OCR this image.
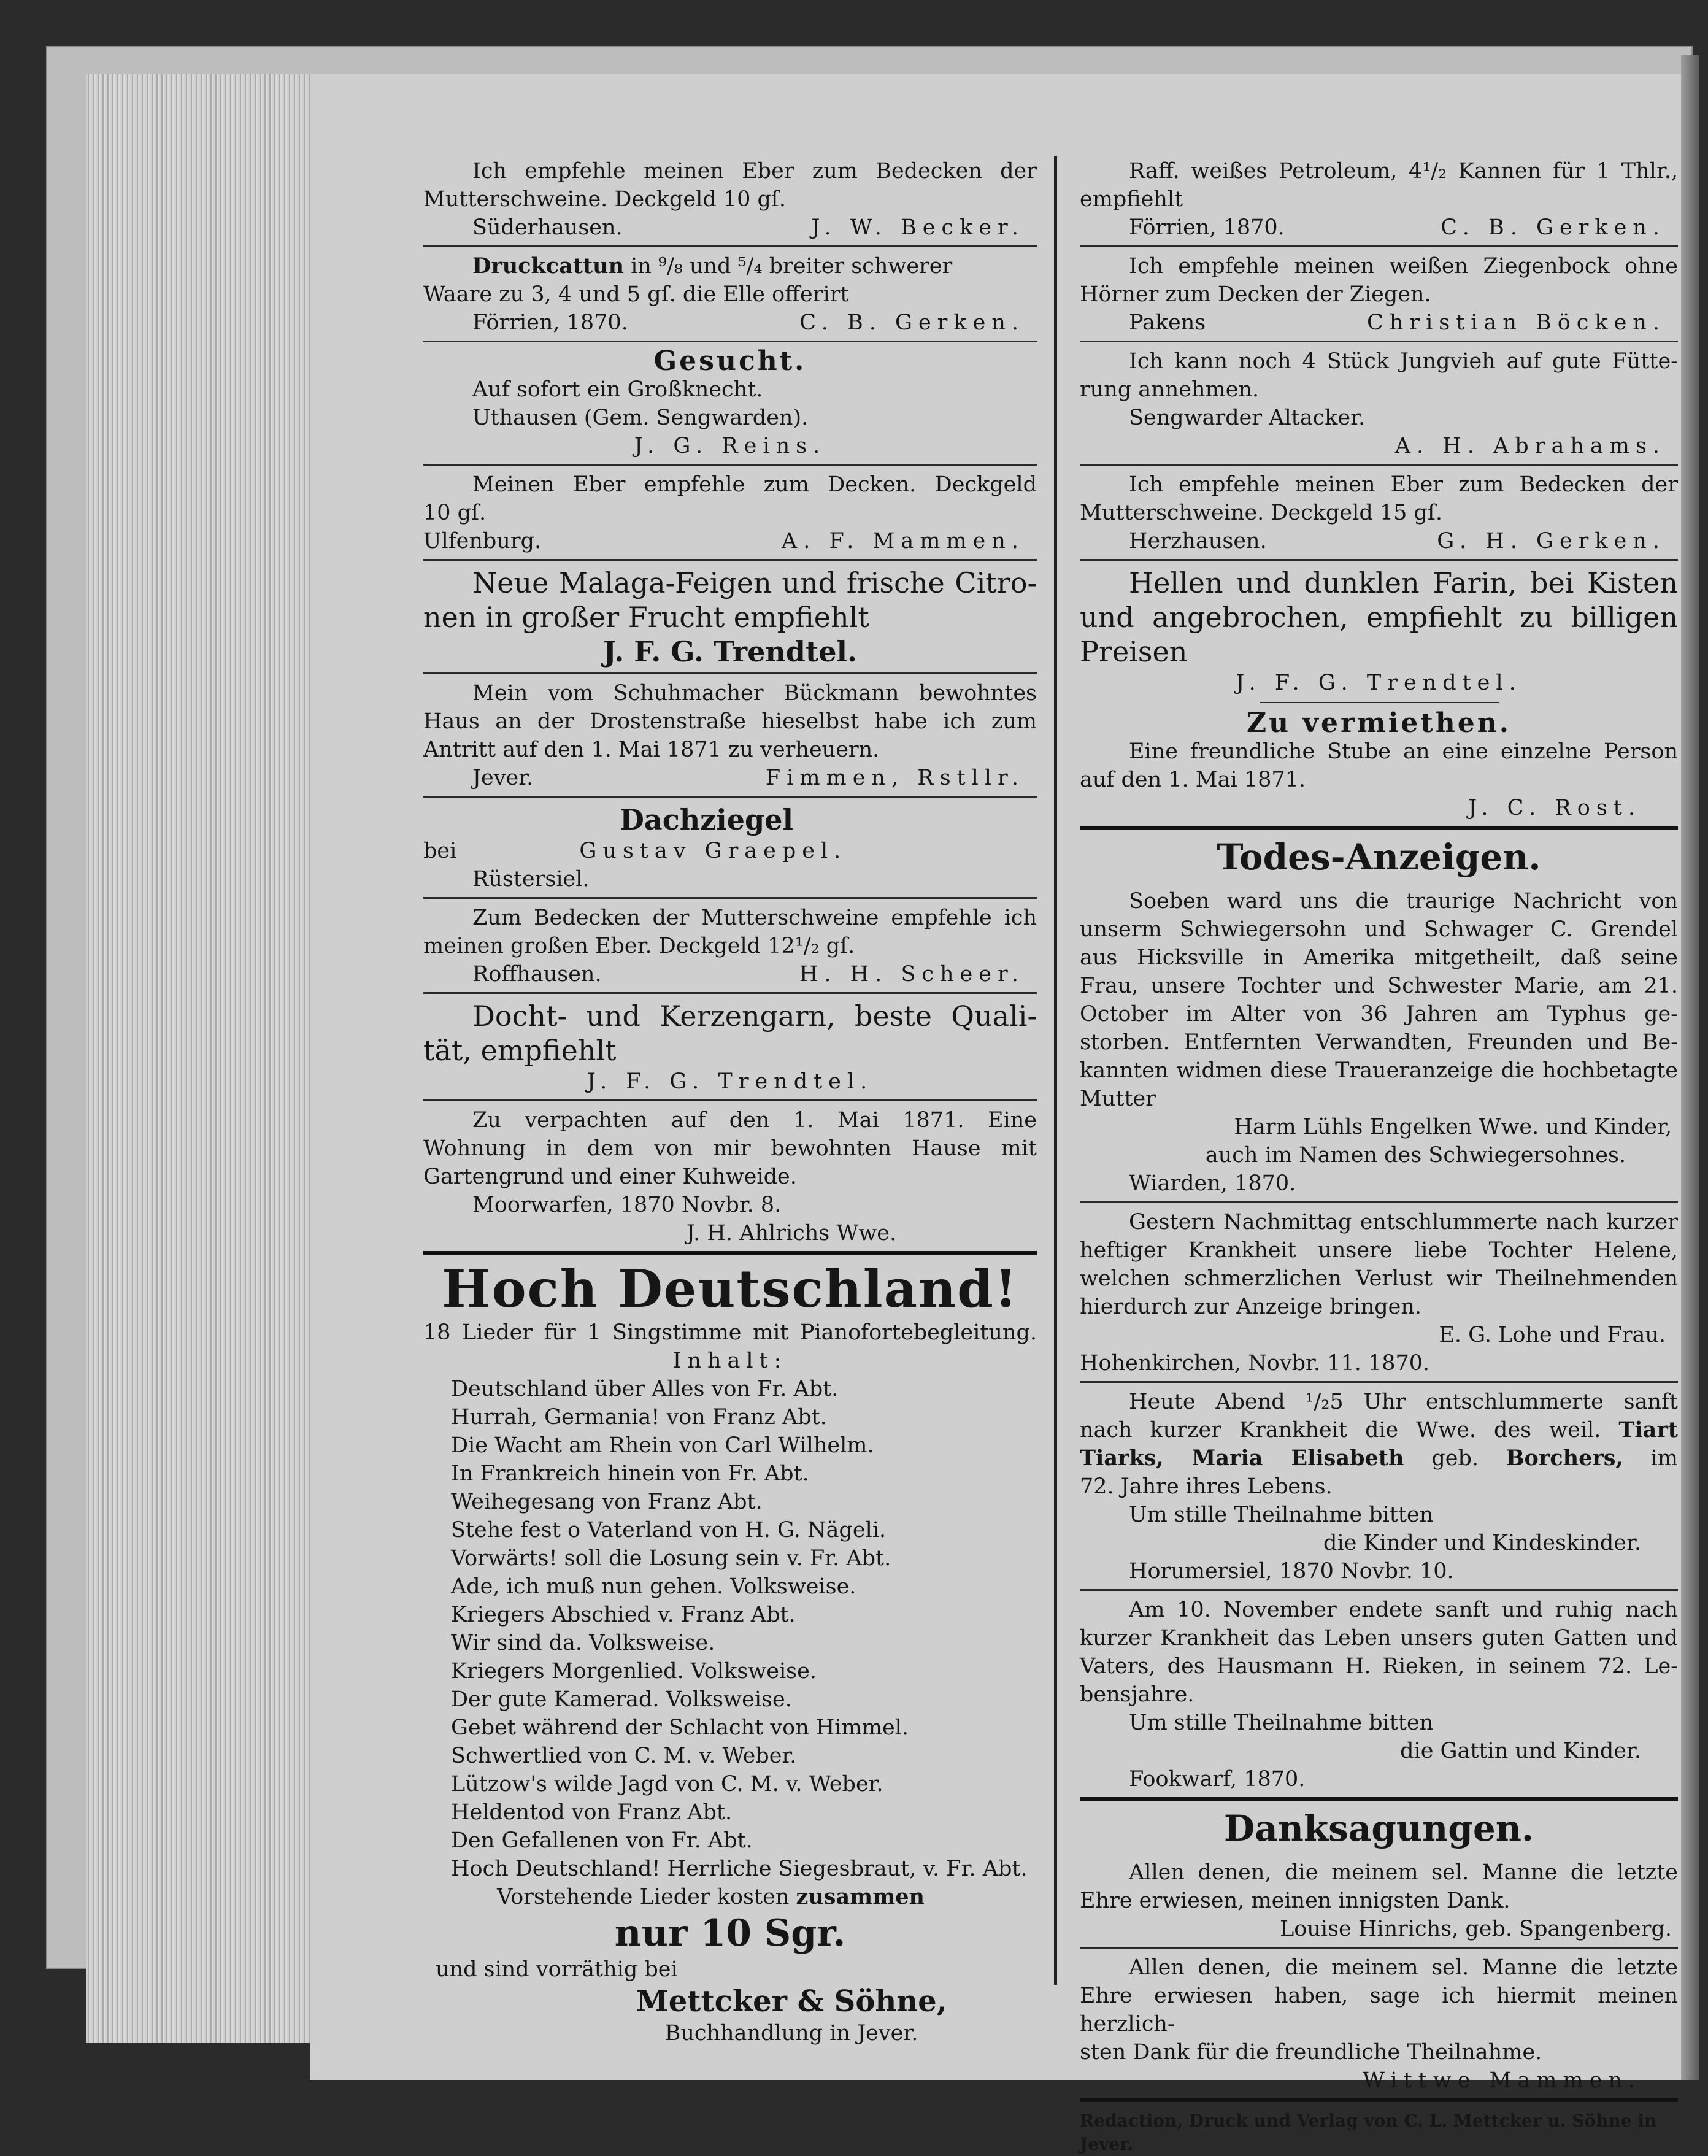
Ich empfehle meinen Eber zum Bedecken der
Mutterschweine. Deckgeld 10 gſ.
Süderhausen.	J. W. Becker.
Druckcattun in ⁹/₈ und ⁵/₄ breiter schwerer
Waare zu 3, 4 und 5 gſ. die Elle offerirt
Förrien, 1870.	C. B. Gerken.
Gesucht.
Auf sofort ein Großknecht.
Uthausen (Gem. Sengwarden).
J. G. Reins.
Meinen Eber empfehle zum Decken. Deckgeld
10 gſ.
Ulfenburg.	A. F. Mammen.
Neue Malaga-Feigen und frische Citro-
nen in großer Frucht empfiehlt
J. F. G. Trendtel.
Mein vom Schuhmacher Bückmann bewohntes
Haus an der Drostenstraße hieselbst habe ich zum
Antritt auf den 1. Mai 1871 zu verheuern.
Jever.	Fimmen, Rstllr.
Dachziegel
bei	Gustav Graepel.
Rüstersiel.
Zum Bedecken der Mutterschweine empfehle ich
meinen großen Eber. Deckgeld 12¹/₂ gſ.
Roffhausen.	H. H. Scheer.
Docht- und Kerzengarn, beste Quali-
tät, empfiehlt
J. F. G. Trendtel.
Zu verpachten auf den 1. Mai 1871. Eine
Wohnung in dem von mir bewohnten Hause mit
Gartengrund und einer Kuhweide.
Moorwarfen, 1870 Novbr. 8.
J. H. Ahlrichs Wwe.
Hoch Deutschland!
18 Lieder für 1 Singstimme mit Pianofortebegleitung.
Inhalt:
Deutschland über Alles von Fr. Abt.
Hurrah, Germania! von Franz Abt.
Die Wacht am Rhein von Carl Wilhelm.
In Frankreich hinein von Fr. Abt.
Weihegesang von Franz Abt.
Stehe fest o Vaterland von H. G. Nägeli.
Vorwärts! soll die Losung sein v. Fr. Abt.
Ade, ich muß nun gehen. Volksweise.
Kriegers Abschied v. Franz Abt.
Wir sind da. Volksweise.
Kriegers Morgenlied. Volksweise.
Der gute Kamerad. Volksweise.
Gebet während der Schlacht von Himmel.
Schwertlied von C. M. v. Weber.
Lützow's wilde Jagd von C. M. v. Weber.
Heldentod von Franz Abt.
Den Gefallenen von Fr. Abt.
Hoch Deutschland! Herrliche Siegesbraut, v. Fr. Abt.
Vorstehende Lieder kosten zusammen
nur 10 Sgr.
und sind vorräthig bei
Mettcker & Söhne,
Buchhandlung in Jever.
Raff. weißes Petroleum, 4¹/₂ Kannen für 1 Thlr.,
empfiehlt
Förrien, 1870.	C. B. Gerken.
Ich empfehle meinen weißen Ziegenbock ohne
Hörner zum Decken der Ziegen.
Pakens	Christian Böcken.
Ich kann noch 4 Stück Jungvieh auf gute Fütte-
rung annehmen.
Sengwarder Altacker.
A. H. Abrahams.
Ich empfehle meinen Eber zum Bedecken der
Mutterschweine. Deckgeld 15 gſ.
Herzhausen.	G. H. Gerken.
Hellen und dunklen Farin, bei Kisten
und angebrochen, empfiehlt zu billigen
Preisen
J. F. G. Trendtel.
Zu vermiethen.
Eine freundliche Stube an eine einzelne Person
auf den 1. Mai 1871.
J. C. Rost.
Todes-Anzeigen.
Soeben ward uns die traurige Nachricht von
unserm Schwiegersohn und Schwager C. Grendel
aus Hicksville in Amerika mitgetheilt, daß seine
Frau, unsere Tochter und Schwester Marie, am 21.
October im Alter von 36 Jahren am Typhus ge-
storben. Entfernten Verwandten, Freunden und Be-
kannten widmen diese Traueranzeige die hochbetagte
Mutter
Harm Lühls Engelken Wwe. und Kinder,
auch im Namen des Schwiegersohnes.
Wiarden, 1870.
Gestern Nachmittag entschlummerte nach kurzer
heftiger Krankheit unsere liebe Tochter Helene,
welchen schmerzlichen Verlust wir Theilnehmenden
hierdurch zur Anzeige bringen.
E. G. Lohe und Frau.
Hohenkirchen, Novbr. 11. 1870.
Heute Abend ¹/₂5 Uhr entschlummerte sanft
nach kurzer Krankheit die Wwe. des weil. Tiart
Tiarks, Maria Elisabeth geb. Borchers, im
72. Jahre ihres Lebens.
Um stille Theilnahme bitten
die Kinder und Kindeskinder.
Horumersiel, 1870 Novbr. 10.
Am 10. November endete sanft und ruhig nach
kurzer Krankheit das Leben unsers guten Gatten und
Vaters, des Hausmann H. Rieken, in seinem 72. Le-
bensjahre.
Um stille Theilnahme bitten
die Gattin und Kinder.
Fookwarf, 1870.
Danksagungen.
Allen denen, die meinem sel. Manne die letzte
Ehre erwiesen, meinen innigsten Dank.
Louise Hinrichs, geb. Spangenberg.
Allen denen, die meinem sel. Manne die letzte
Ehre erwiesen haben, sage ich hiermit meinen herzlich-
sten Dank für die freundliche Theilnahme.
Wittwe Mammen.
Redaction, Druck und Verlag von C. L. Mettcker u. Söhne in Jever.
